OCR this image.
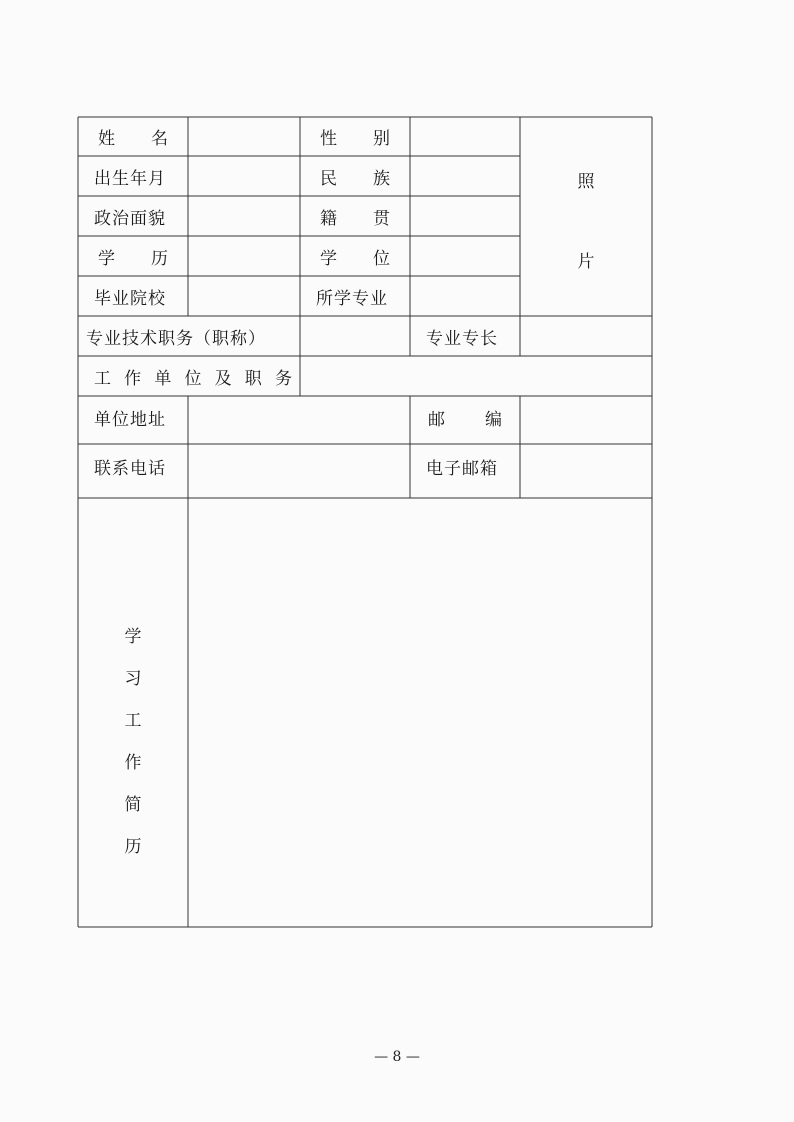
姓 名	性 别
照
片
出生年月	民 族
政治面貌	籍 贯
学 历	学 位
毕业院校	所学专业
专业技术职务（职称）	专业专长
工 作 单 位 及 职 务
单位地址	邮 编
联系电话	电子邮箱
学
习
工
作
简
历
— 8 —
